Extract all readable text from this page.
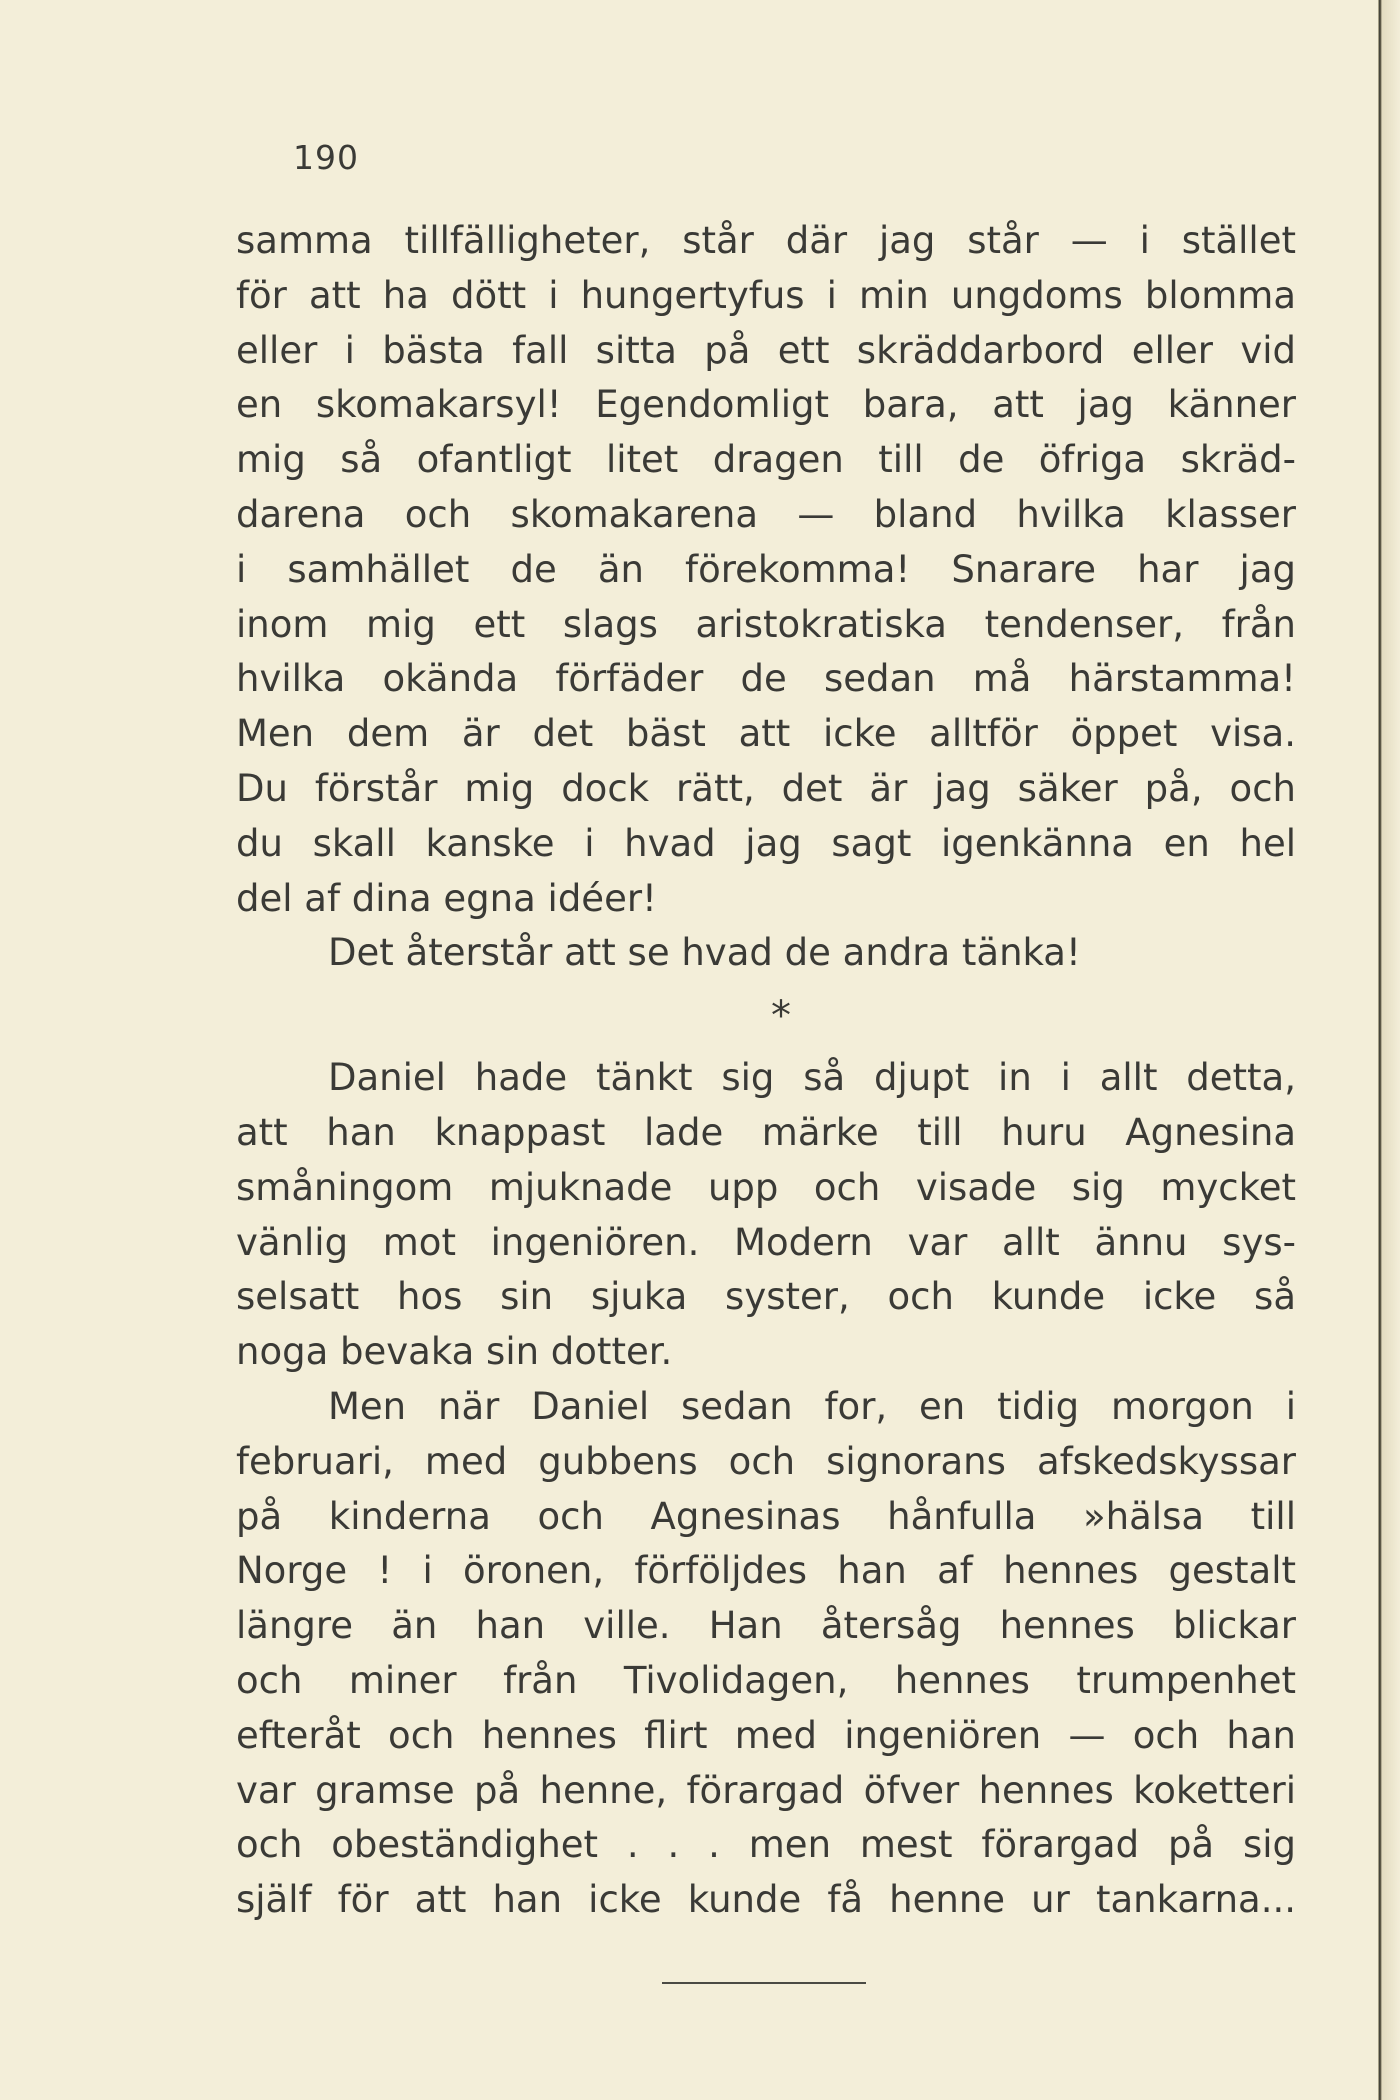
190
samma tillfälligheter, står där jag står — i stället
för att ha dött i hungertyfus i min ungdoms blomma
eller i bästa fall sitta på ett skräddarbord eller vid
en skomakarsyl! Egendomligt bara, att jag känner
mig så ofantligt litet dragen till de öfriga skräd-
darena och skomakarena — bland hvilka klasser
i samhället de än förekomma! Snarare har jag
inom mig ett slags aristokratiska tendenser, från
hvilka okända förfäder de sedan må härstamma!
Men dem är det bäst att icke alltför öppet visa.
Du förstår mig dock rätt, det är jag säker på, och
du skall kanske i hvad jag sagt igenkänna en hel
del af dina egna idéer!
Det återstår att se hvad de andra tänka!
*
Daniel hade tänkt sig så djupt in i allt detta,
att han knappast lade märke till huru Agnesina
småningom mjuknade upp och visade sig mycket
vänlig mot ingeniören. Modern var allt ännu sys-
selsatt hos sin sjuka syster, och kunde icke så
noga bevaka sin dotter.
Men när Daniel sedan for, en tidig morgon i
februari, med gubbens och signorans afskedskyssar
på kinderna och Agnesinas hånfulla »hälsa till
Norge ! i öronen, förföljdes han af hennes gestalt
längre än han ville. Han återsåg hennes blickar
och miner från Tivolidagen, hennes trumpenhet
efteråt och hennes flirt med ingeniören — och han
var gramse på henne, förargad öfver hennes koketteri
och obeständighet . . . men mest förargad på sig
själf för att han icke kunde få henne ur tankarna...
